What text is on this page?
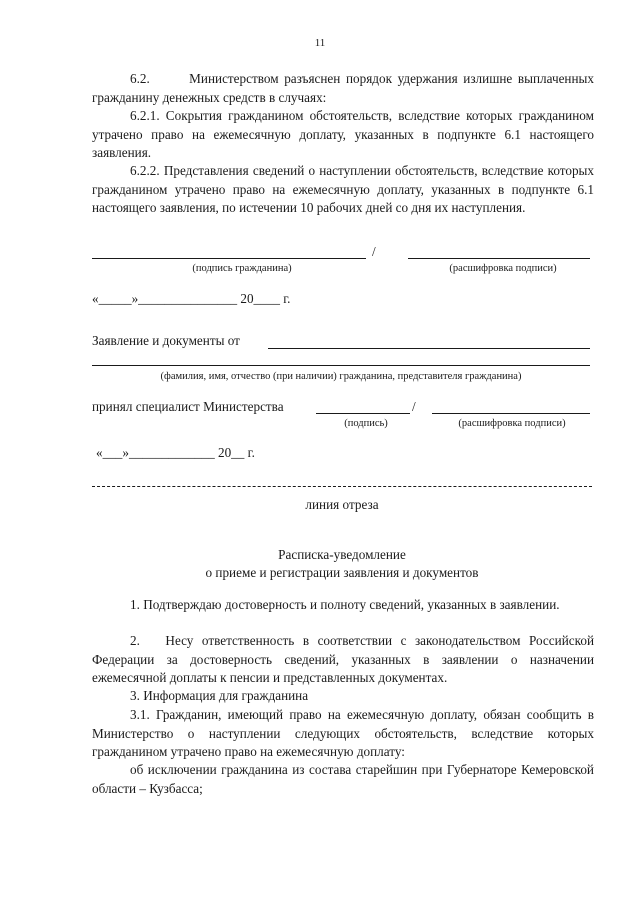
11
6.2.       Министерством разъяснен порядок удержания излишне выплаченных гражданину денежных средств в случаях:
6.2.1. Сокрытия гражданином обстоятельств, вследствие которых гражданином утрачено право на ежемесячную доплату, указанных в подпункте 6.1 настоящего заявления.
6.2.2. Представления сведений о наступлении обстоятельств, вследствие которых гражданином утрачено право на ежемесячную доплату, указанных в подпункте 6.1 настоящего заявления, по истечении 10 рабочих дней со дня их наступления.
/
(подпись гражданина)	(расшифровка подписи)
«_____»_______________ 20____ г.
Заявление и документы от
(фамилия, имя, отчество (при наличии) гражданина, представителя гражданина)
принял специалист Министерства	/
(подпись)	(расшифровка подписи)
«___»_____________ 20__ г.
линия отреза
Расписка-уведомление
о приеме и регистрации заявления и документов
1. Подтверждаю достоверность и полноту сведений, указанных в заявлении.
2.   Несу ответственность в соответствии с законодательством Российской Федерации за достоверность сведений, указанных в заявлении о назначении ежемесячной доплаты к пенсии и представленных документах.
3. Информация для гражданина
3.1. Гражданин, имеющий право на ежемесячную доплату, обязан сообщить в Министерство о наступлении следующих обстоятельств, вследствие которых гражданином утрачено право на ежемесячную доплату:
об исключении гражданина из состава старейшин при Губернаторе Кемеровской области – Кузбасса;
